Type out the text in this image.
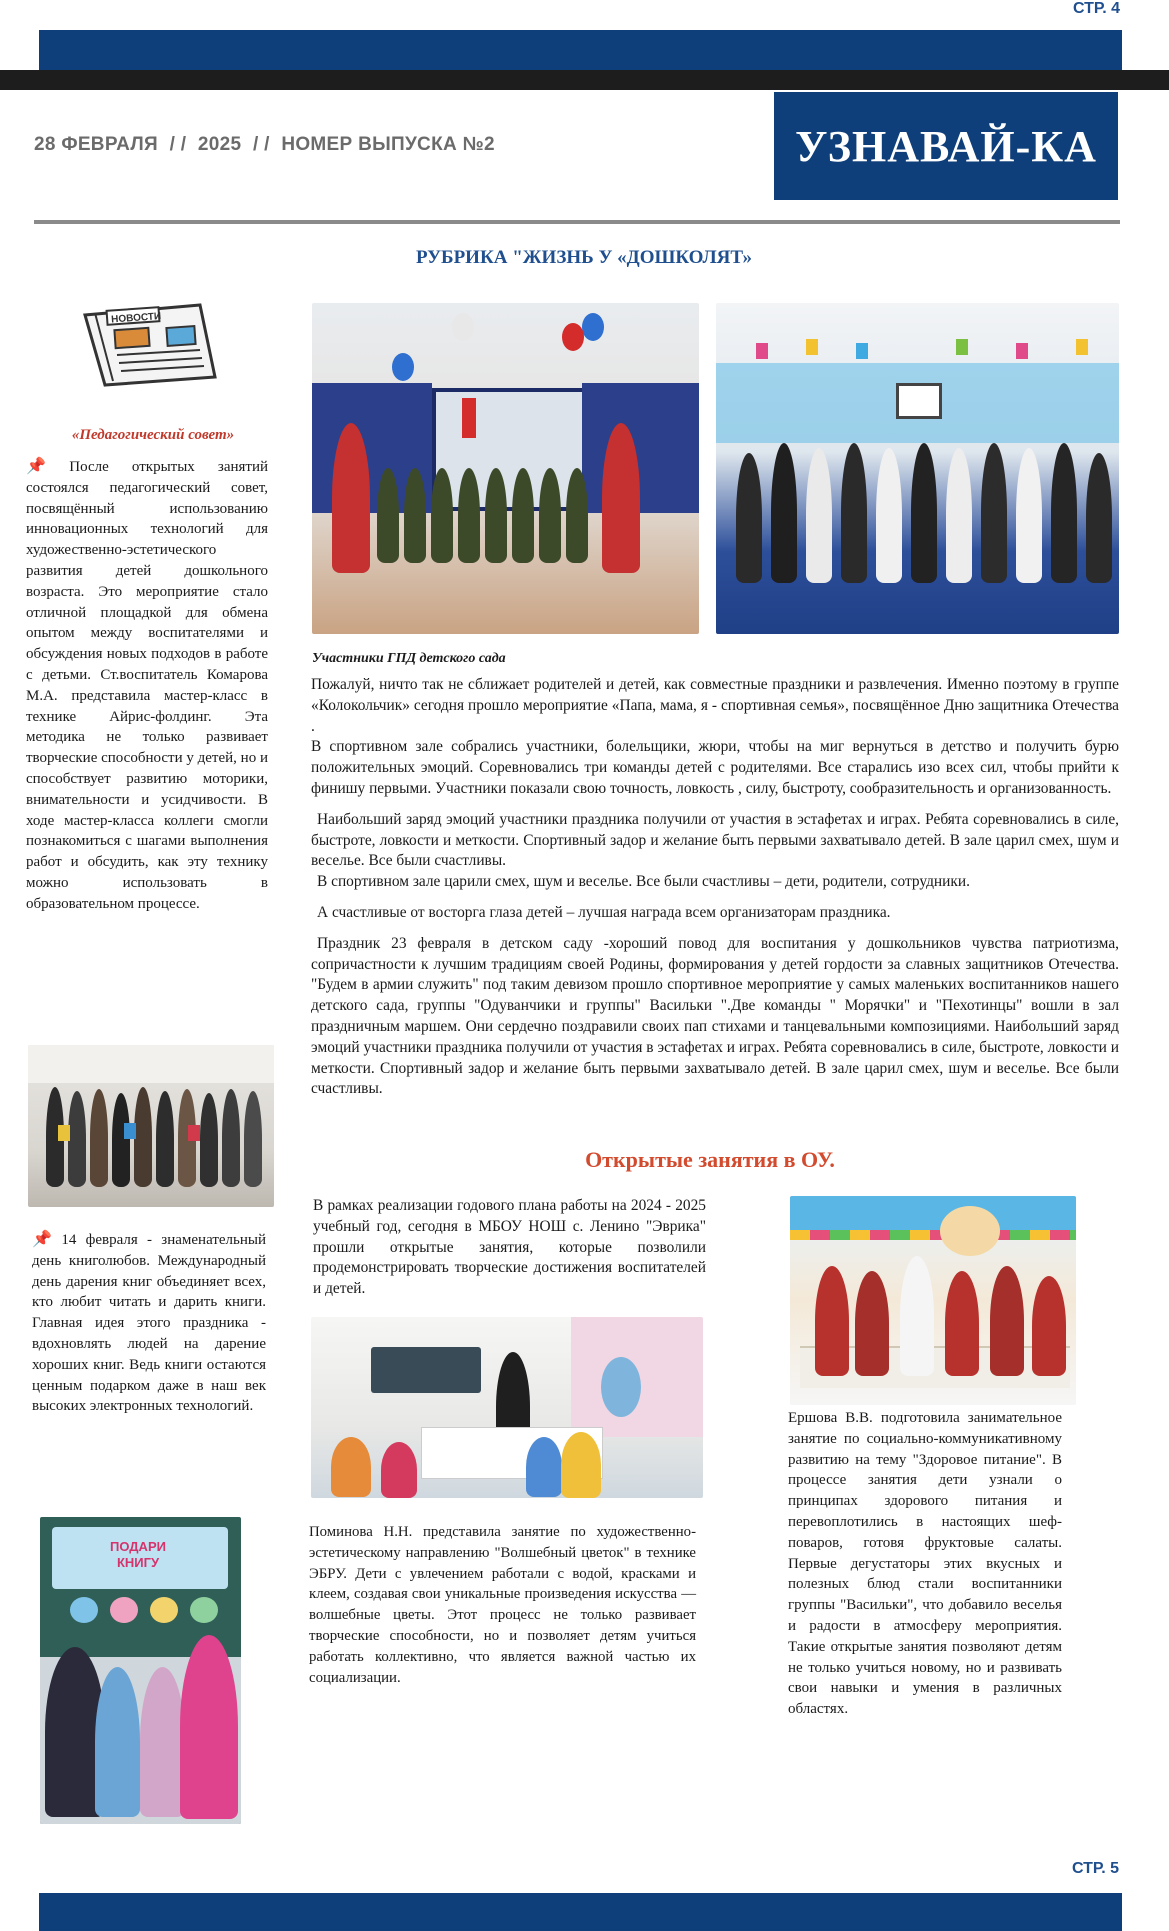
СТР. 4
28 ФЕВРАЛЯ / / 2025 / / НОМЕР ВЫПУСКА №2	УЗНАВАЙ-КА
РУБРИКА "ЖИЗНЬ У «ДОШКОЛЯТ»
НОВОСТИ
«Педагогический совет»

📌 После открытых занятий состоялся педагогический совет, посвящённый использованию инновационных технологий для художественно-эстетического развития детей дошкольного возраста. Это мероприятие стало отличной площадкой для обмена опытом между воспитателями и обсуждения новых подходов в работе с детьми. Ст.воспитатель Комарова М.А. представила мастер-класс в технике Айрис-фолдинг. Эта методика не только развивает творческие способности у детей, но и способствует развитию моторики, внимательности и усидчивости. В ходе мастер-класса коллеги смогли познакомиться с шагами выполнения работ и обсудить, как эту технику можно использовать в образовательном процессе.

📌 14 февраля - знаменательный день книголюбов. Международный день дарения книг объединяет всех, кто любит читать и дарить книги. Главная идея этого праздника - вдохновлять людей на дарение хороших книг. Ведь книги остаются ценным подарком даже в наш век высоких электронных технологий.

ПОДАРИ КНИГУ
Участники ГПД детского сада

Пожалуй, ничто так не сближает родителей и детей, как совместные праздники и развлечения. Именно поэтому в группе «Колокольчик» сегодня прошло мероприятие «Папа, мама, я - спортивная семья», посвящённое Дню защитника Отечества .

В спортивном зале собрались участники, болельщики, жюри, чтобы на миг вернуться в детство и получить бурю положительных эмоций. Соревновались три команды детей с родителями. Все старались изо всех сил, чтобы прийти к финишу первыми. Участники показали свою точность, ловкость , силу, быстроту, сообразительность и организованность.

Наибольший заряд эмоций участники праздника получили от участия в эстафетах и играх. Ребята соревновались в силе, быстроте, ловкости и меткости. Спортивный задор и желание быть первыми захватывало детей. В зале царил смех, шум и веселье. Все были счастливы.

В спортивном зале царили смех, шум и веселье. Все были счастливы – дети, родители, сотрудники.

А счастливые от восторга глаза детей – лучшая награда всем организаторам праздника.

Праздник 23 февраля в детском саду -хороший повод для воспитания у дошкольников чувства патриотизма, сопричастности к лучшим традициям своей Родины, формирования у детей гордости за славных защитников Отечества. "Будем в армии служить" под таким девизом прошло спортивное мероприятие у самых маленьких воспитанников нашего детского сада, группы "Одуванчики и группы" Васильки ".Две команды " Морячки" и "Пехотинцы" вошли в зал праздничным маршем. Они сердечно поздравили своих пап стихами и танцевальными композициями. Наибольший заряд эмоций участники праздника получили от участия в эстафетах и играх. Ребята соревновались в силе, быстроте, ловкости и меткости. Спортивный задор и желание быть первыми захватывало детей. В зале царил смех, шум и веселье. Все были счастливы.

Открытые занятия в ОУ.

В рамках реализации годового плана работы на 2024 - 2025 учебный год, сегодня в МБОУ НОШ с. Ленино "Эврика" прошли открытые занятия, которые позволили продемонстрировать творческие достижения воспитателей и детей.

Поминова Н.Н. представила занятие по художественно-эстетическому направлению "Волшебный цветок" в технике ЭБРУ. Дети с увлечением работали с водой, красками и клеем, создавая свои уникальные произведения искусства — волшебные цветы. Этот процесс не только развивает творческие способности, но и позволяет детям учиться работать коллективно, что является важной частью их социализации.

Ершова В.В. подготовила занимательное занятие по социально-коммуникативному развитию на тему "Здоровое питание". В процессе занятия дети узнали о принципах здорового питания и перевоплотились в настоящих шеф-поваров, готовя фруктовые салаты. Первые дегустаторы этих вкусных и полезных блюд стали воспитанники группы "Васильки", что добавило веселья и радости в атмосферу мероприятия. Такие открытые занятия позволяют детям не только учиться новому, но и развивать свои навыки и умения в различных областях.

СТР. 5
